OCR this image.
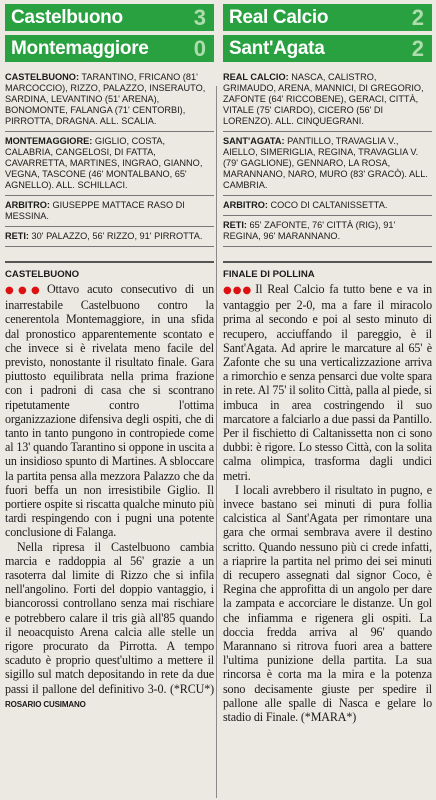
Castelbuono	3
Montemaggiore 0
CASTELBUONO: TARANTINO, FRICANO (81' MARCOCCIO), RIZZO, PALAZZO, INSERAUTO, SARDINA, LEVANTINO (51' ARENA), BONOMONTE, FALANGA (71' CENTORBI), PIRROTTA, DRAGNA. ALL. SCALIA.
MONTEMAGGIORE: GIGLIO, COSTA, CALABRIA, CANGELOSI, DI FATTA, CAVARRETTA, MARTINES, INGRAO, GIANNO, VEGNA, TASCONE (46' MONTALBANO, 65' AGNELLO). ALL. SCHILLACI.
ARBITRO: GIUSEPPE MATTACE RASO DI MESSINA.
RETI: 30' PALAZZO, 56' RIZZO, 91' PIRROTTA.
CASTELBUONO

●●● Ottavo acuto consecutivo di un inarrestabile Castelbuono contro la cenerentola Montemaggiore, in una sfida dal pronostico apparentemente scontato e che invece si è rivelata meno facile del previsto, nonostante il risultato finale. Gara piuttosto equilibrata nella prima frazione con i padroni di casa che si scontrano ripetutamente contro l'ottima organizzazione difensiva degli ospiti, che di tanto in tanto pungono in contropiede come al 13' quando Tarantino si oppone in uscita a un insidioso spunto di Martines. A sbloccare la partita pensa alla mezzora Palazzo che da fuori beffa un non irresistibile Giglio. Il portiere ospite si riscatta qualche minuto più tardi respingendo con i pugni una potente conclusione di Falanga.

Nella ripresa il Castelbuono cambia marcia e raddoppia al 56' grazie a un rasoterra dal limite di Rizzo che si infila nell'angolino. Forti del doppio vantaggio, i biancorossi controllano senza mai rischiare e potrebbero calare il tris già all'85 quando il neoacquisto Arena calcia alle stelle un rigore procurato da Pirrotta. A tempo scaduto è proprio quest'ultimo a mettere il sigillo sul match depositando in rete da due passi il pallone del definitivo 3-0. (*RCU*) ROSARIO CUSIMANO

Real Calcio	2
Sant'Agata	2
REAL CALCIO: NASCA, CALISTRO, GRIMAUDO, ARENA, MANNICI, DI GREGORIO, ZAFONTE (64' RICCOBENE), GERACI, CITTÀ, VITALE (75' CIARDO), CICERO (56' DI LORENZO). ALL. CINQUEGRANI.
SANT'AGATA: PANTILLO, TRAVAGLIA V., AIELLO, SIMERIGLIA, REGINA, TRAVAGLIA V. (79' GAGLIONE), GENNARO, LA ROSA, MARANNANO, NARO, MURO (83' GRACÒ). ALL. CAMBRIA.
ARBITRO: COCO DI CALTANISSETTA.
RETI: 65' ZAFONTE, 76' CITTÀ (RIG), 91' REGINA, 96' MARANNANO.
FINALE DI POLLINA

●●● Il Real Calcio fa tutto bene e va in vantaggio per 2-0, ma a fare il miracolo prima al secondo e poi al sesto minuto di recupero, acciuffando il pareggio, è il Sant'Agata. Ad aprire le marcature al 65' è Zafonte che su una verticalizzazione arriva a rimorchio e senza pensarci due volte spara in rete. Al 75' il solito Città, palla al piede, si imbuca in area costringendo il suo marcatore a falciarlo a due passi da Pantillo. Per il fischietto di Caltanissetta non ci sono dubbi: è rigore. Lo stesso Città, con la solita calma olimpica, trasforma dagli undici metri.

I locali avrebbero il risultato in pugno, e invece bastano sei minuti di pura follia calcistica al Sant'Agata per rimontare una gara che ormai sembrava avere il destino scritto. Quando nessuno più ci crede infatti, a riaprire la partita nel primo dei sei minuti di recupero assegnati dal signor Coco, è Regina che approfitta di un angolo per dare la zampata e accorciare le distanze. Un gol che infiamma e rigenera gli ospiti. La doccia fredda arriva al 96' quando Marannano si ritrova fuori area a battere l'ultima punizione della partita. La sua rincorsa è corta ma la mira e la potenza sono decisamente giuste per spedire il pallone alle spalle di Nasca e gelare lo stadio di Finale. (*MARA*)
